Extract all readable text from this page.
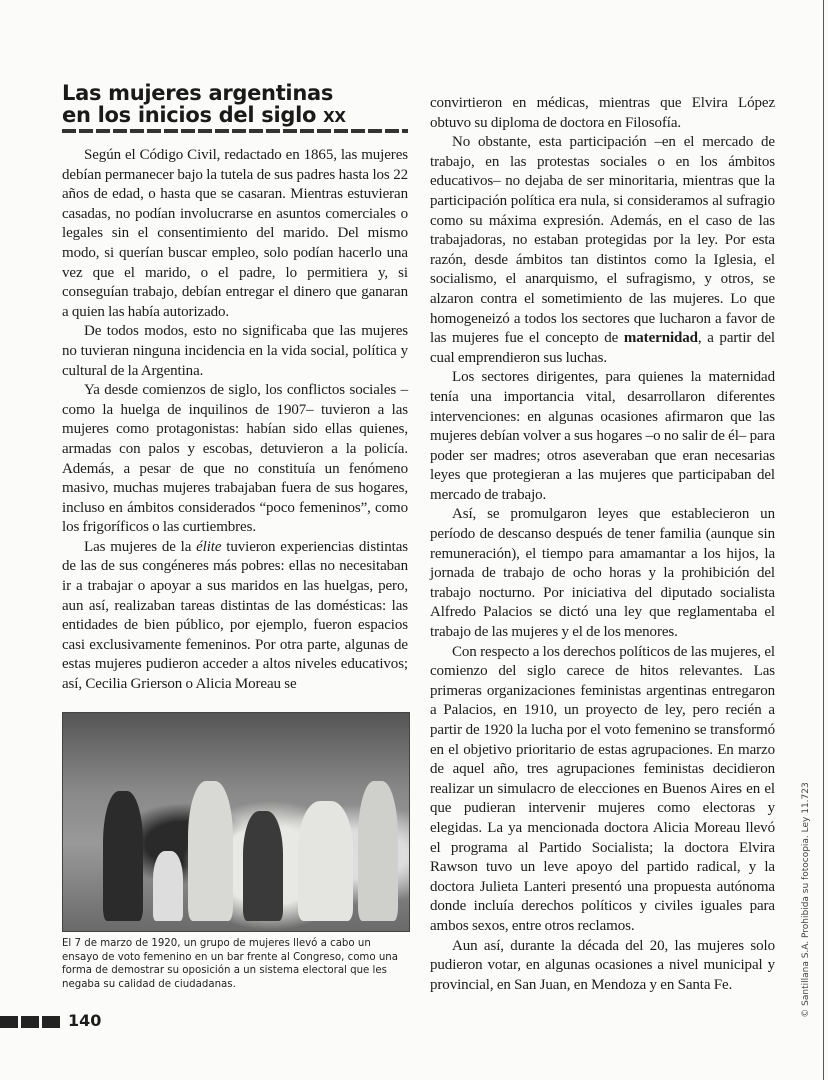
Las mujeres argentinas
en los inicios del siglo XX

Según el Código Civil, redactado en 1865, las mujeres debían permanecer bajo la tutela de sus padres hasta los 22 años de edad, o hasta que se casaran. Mientras estuvieran casadas, no podían involucrarse en asuntos comerciales o legales sin el consentimiento del marido. Del mismo modo, si querían buscar empleo, solo podían hacerlo una vez que el marido, o el padre, lo permitiera y, si conseguían trabajo, debían entregar el dinero que ganaran a quien las había autorizado.

De todos modos, esto no significaba que las mujeres no tuvieran ninguna incidencia en la vida social, política y cultural de la Argentina.

Ya desde comienzos de siglo, los conflictos sociales –como la huelga de inquilinos de 1907– tuvieron a las mujeres como protagonistas: habían sido ellas quienes, armadas con palos y escobas, detuvieron a la policía. Además, a pesar de que no constituía un fenómeno masivo, muchas mujeres trabajaban fuera de sus hogares, incluso en ámbitos considerados “poco femeninos”, como los frigoríficos o las curtiembres.

Las mujeres de la élite tuvieron experiencias distintas de las de sus congéneres más pobres: ellas no necesitaban ir a trabajar o apoyar a sus maridos en las huelgas, pero, aun así, realizaban tareas distintas de las domésticas: las entidades de bien público, por ejemplo, fueron espacios casi exclusivamente femeninos. Por otra parte, algunas de estas mujeres pudieron acceder a altos niveles educativos; así, Cecilia Grierson o Alicia Moreau se

El 7 de marzo de 1920, un grupo de mujeres llevó a cabo un ensayo de voto femenino en un bar frente al Congreso, como una forma de demostrar su oposición a un sistema electoral que les negaba su calidad de ciudadanas.

convirtieron en médicas, mientras que Elvira López obtuvo su diploma de doctora en Filosofía.

No obstante, esta participación –en el mercado de trabajo, en las protestas sociales o en los ámbitos educativos– no dejaba de ser minoritaria, mientras que la participación política era nula, si consideramos al sufragio como su máxima expresión. Además, en el caso de las trabajadoras, no estaban protegidas por la ley. Por esta razón, desde ámbitos tan distintos como la Iglesia, el socialismo, el anarquismo, el sufragismo, y otros, se alzaron contra el sometimiento de las mujeres. Lo que homogeneizó a todos los sectores que lucharon a favor de las mujeres fue el concepto de maternidad, a partir del cual emprendieron sus luchas.

Los sectores dirigentes, para quienes la maternidad tenía una importancia vital, desarrollaron diferentes intervenciones: en algunas ocasiones afirmaron que las mujeres debían volver a sus hogares –o no salir de él– para poder ser madres; otros aseveraban que eran necesarias leyes que protegieran a las mujeres que participaban del mercado de trabajo.

Así, se promulgaron leyes que establecieron un período de descanso después de tener familia (aunque sin remuneración), el tiempo para amamantar a los hijos, la jornada de trabajo de ocho horas y la prohibición del trabajo nocturno. Por iniciativa del diputado socialista Alfredo Palacios se dictó una ley que reglamentaba el trabajo de las mujeres y el de los menores.

Con respecto a los derechos políticos de las mujeres, el comienzo del siglo carece de hitos relevantes. Las primeras organizaciones feministas argentinas entregaron a Palacios, en 1910, un proyecto de ley, pero recién a partir de 1920 la lucha por el voto femenino se transformó en el objetivo prioritario de estas agrupaciones. En marzo de aquel año, tres agrupaciones feministas decidieron realizar un simulacro de elecciones en Buenos Aires en el que pudieran intervenir mujeres como electoras y elegidas. La ya mencionada doctora Alicia Moreau llevó el programa al Partido Socialista; la doctora Elvira Rawson tuvo un leve apoyo del partido radical, y la doctora Julieta Lanteri presentó una propuesta autónoma donde incluía derechos políticos y civiles iguales para ambos sexos, entre otros reclamos.

Aun así, durante la década del 20, las mujeres solo pudieron votar, en algunas ocasiones a nivel municipal y provincial, en San Juan, en Mendoza y en Santa Fe.

140
© Santillana S.A. Prohibida su fotocopia. Ley 11.723
